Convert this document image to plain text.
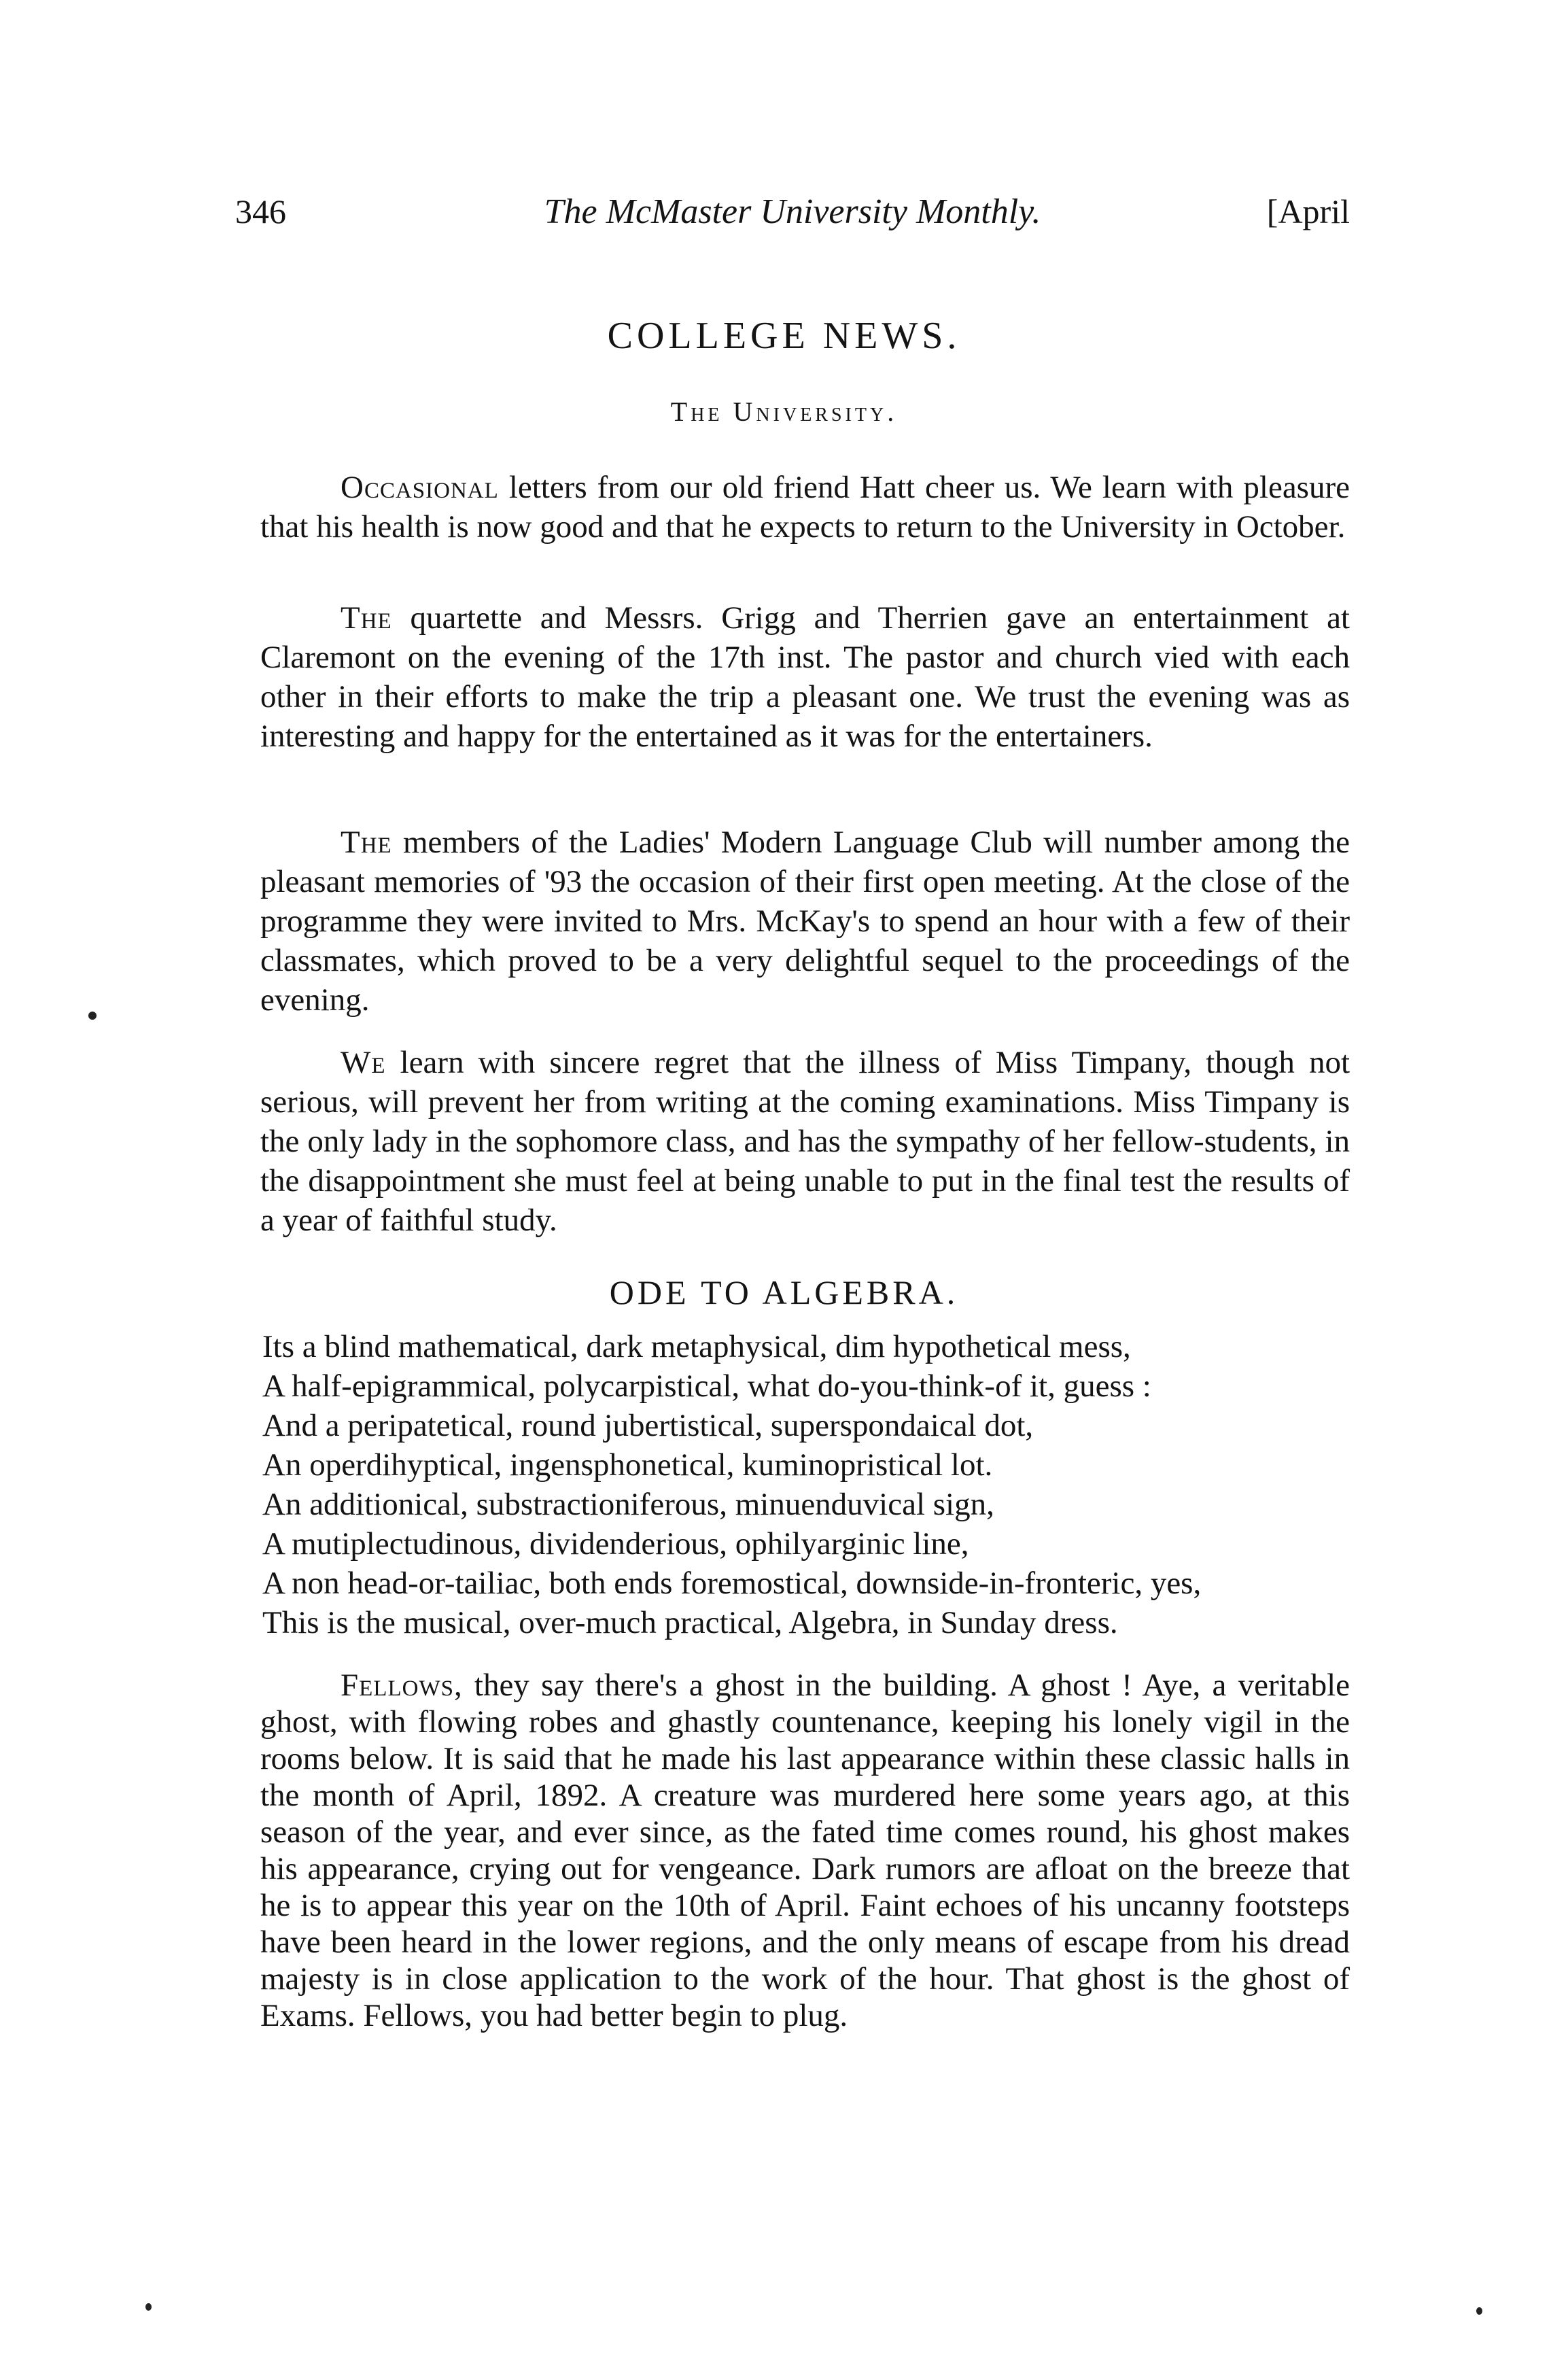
346	The McMaster University Monthly.	[April
COLLEGE NEWS.
The University.

Occasional letters from our old friend Hatt cheer us. We learn with pleasure that his health is now good and that he expects to return to the University in October.

The quartette and Messrs. Grigg and Therrien gave an entertainment at Claremont on the evening of the 17th inst. The pastor and church vied with each other in their efforts to make the trip a pleasant one. We trust the evening was as interesting and happy for the entertained as it was for the entertainers.

The members of the Ladies' Modern Language Club will number among the pleasant memories of '93 the occasion of their first open meeting. At the close of the programme they were invited to Mrs. McKay's to spend an hour with a few of their classmates, which proved to be a very delightful sequel to the proceedings of the evening.

We learn with sincere regret that the illness of Miss Timpany, though not serious, will prevent her from writing at the coming examinations. Miss Timpany is the only lady in the sophomore class, and has the sympathy of her fellow-students, in the disappointment she must feel at being unable to put in the final test the results of a year of faithful study.

ODE TO ALGEBRA.
Its a blind mathematical, dark metaphysical, dim hypothetical mess,
A half-epigrammical, polycarpistical, what do-you-think-of it, guess :
And a peripatetical, round jubertistical, superspondaical dot,
An operdihyptical, ingensphonetical, kuminopristical lot.
An additionical, substractioniferous, minuenduvical sign,
A mutiplectudinous, dividenderious, ophilyarginic line,
A non head-or-tailiac, both ends foremostical, downside-in-fronteric, yes,
This is the musical, over-much practical, Algebra, in Sunday dress.

Fellows, they say there's a ghost in the building. A ghost ! Aye, a veritable ghost, with flowing robes and ghastly countenance, keeping his lonely vigil in the rooms below. It is said that he made his last appearance within these classic halls in the month of April, 1892. A creature was murdered here some years ago, at this season of the year, and ever since, as the fated time comes round, his ghost makes his appearance, crying out for vengeance. Dark rumors are afloat on the breeze that he is to appear this year on the 10th of April. Faint echoes of his uncanny footsteps have been heard in the lower regions, and the only means of escape from his dread majesty is in close application to the work of the hour. That ghost is the ghost of Exams. Fellows, you had better begin to plug.
